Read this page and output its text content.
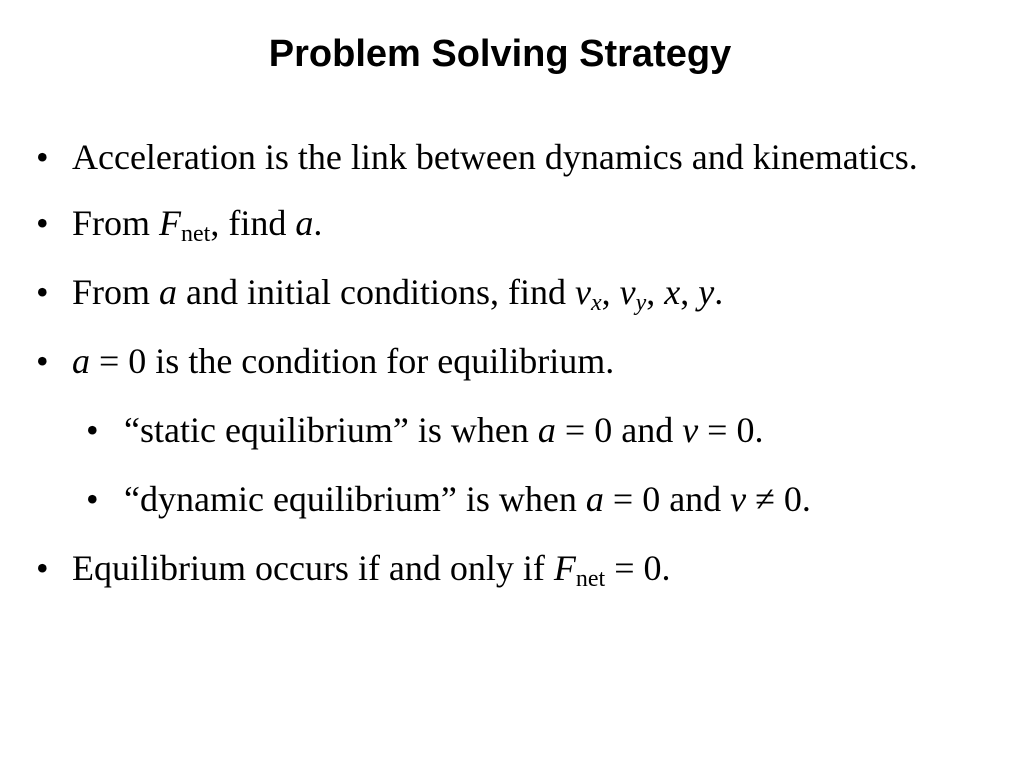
Problem Solving Strategy
• Acceleration is the link between dynamics and kinematics.
• From $F_{net}$, find a.
• From a and initial conditions, find $v_x$, $v_y$, x, y.
• a = 0 is the condition for equilibrium.
• “static equilibrium” is when a = 0 and v = 0.
• “dynamic equilibrium” is when a = 0 and v ≠ 0.
• Equilibrium occurs if and only if $F_{net} = 0$.
